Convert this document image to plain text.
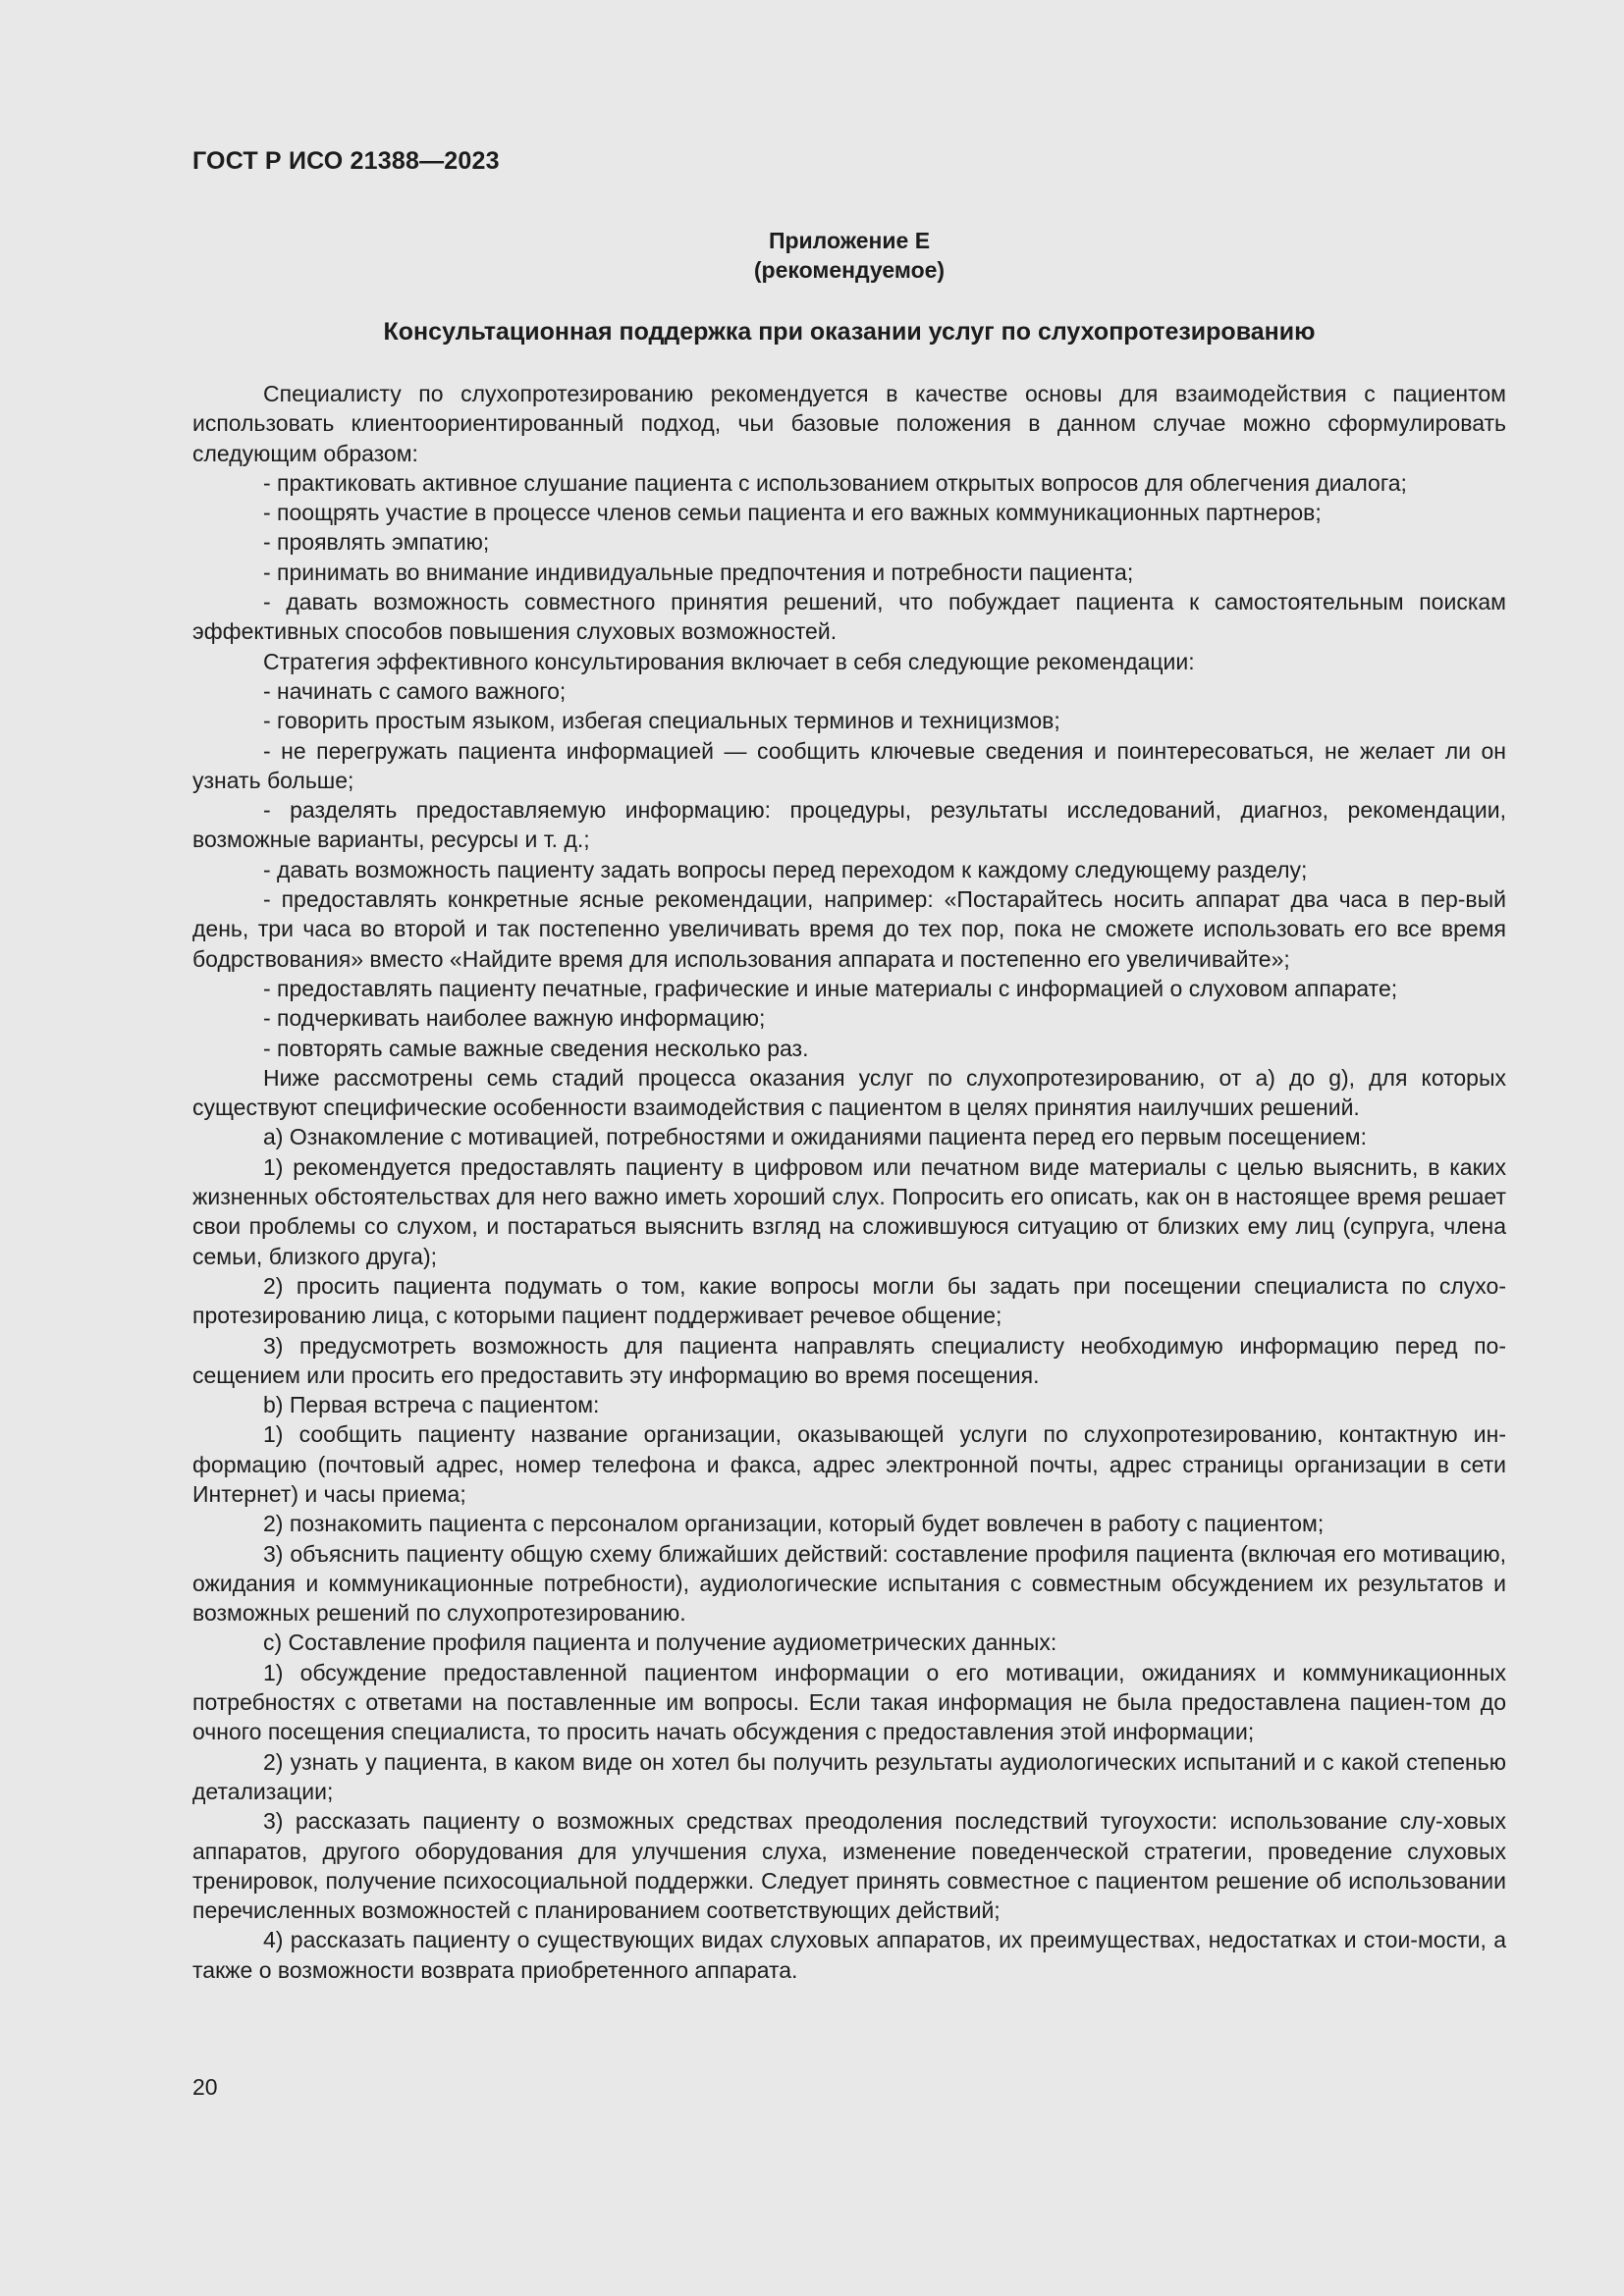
ГОСТ Р ИСО 21388—2023
Приложение Е
(рекомендуемое)
Консультационная поддержка при оказании услуг по слухопротезированию

Специалисту по слухопротезированию рекомендуется в качестве основы для взаимодействия с пациентом использовать клиентоориентированный подход, чьи базовые положения в данном случае можно сформулировать следующим образом:

- практиковать активное слушание пациента с использованием открытых вопросов для облегчения диалога;

- поощрять участие в процессе членов семьи пациента и его важных коммуникационных партнеров;

- проявлять эмпатию;

- принимать во внимание индивидуальные предпочтения и потребности пациента;

- давать возможность совместного принятия решений, что побуждает пациента к самостоятельным поискам эффективных способов повышения слуховых возможностей.

Стратегия эффективного консультирования включает в себя следующие рекомендации:

- начинать с самого важного;

- говорить простым языком, избегая специальных терминов и техницизмов;

- не перегружать пациента информацией — сообщить ключевые сведения и поинтересоваться, не желает ли он узнать больше;

- разделять предоставляемую информацию: процедуры, результаты исследований, диагноз, рекомендации, возможные варианты, ресурсы и т. д.;

- давать возможность пациенту задать вопросы перед переходом к каждому следующему разделу;

- предоставлять конкретные ясные рекомендации, например: «Постарайтесь носить аппарат два часа в пер-вый день, три часа во второй и так постепенно увеличивать время до тех пор, пока не сможете использовать его все время бодрствования» вместо «Найдите время для использования аппарата и постепенно его увеличивайте»;

- предоставлять пациенту печатные, графические и иные материалы с информацией о слуховом аппарате;

- подчеркивать наиболее важную информацию;

- повторять самые важные сведения несколько раз.

Ниже рассмотрены семь стадий процесса оказания услуг по слухопротезированию, от а) до g), для которых существуют специфические особенности взаимодействия с пациентом в целях принятия наилучших решений.

a) Ознакомление с мотивацией, потребностями и ожиданиями пациента перед его первым посещением:

1) рекомендуется предоставлять пациенту в цифровом или печатном виде материалы с целью выяснить, в каких жизненных обстоятельствах для него важно иметь хороший слух. Попросить его описать, как он в настоящее время решает свои проблемы со слухом, и постараться выяснить взгляд на сложившуюся ситуацию от близких ему лиц (супруга, члена семьи, близкого друга);

2) просить пациента подумать о том, какие вопросы могли бы задать при посещении специалиста по слухо-протезированию лица, с которыми пациент поддерживает речевое общение;

3) предусмотреть возможность для пациента направлять специалисту необходимую информацию перед по-сещением или просить его предоставить эту информацию во время посещения.

b) Первая встреча с пациентом:

1) сообщить пациенту название организации, оказывающей услуги по слухопротезированию, контактную ин-формацию (почтовый адрес, номер телефона и факса, адрес электронной почты, адрес страницы организации в сети Интернет) и часы приема;

2) познакомить пациента с персоналом организации, который будет вовлечен в работу с пациентом;

3) объяснить пациенту общую схему ближайших действий: составление профиля пациента (включая его мотивацию, ожидания и коммуникационные потребности), аудиологические испытания с совместным обсуждением их результатов и возможных решений по слухопротезированию.

c) Составление профиля пациента и получение аудиометрических данных:

1) обсуждение предоставленной пациентом информации о его мотивации, ожиданиях и коммуникационных потребностях с ответами на поставленные им вопросы. Если такая информация не была предоставлена пациен-том до очного посещения специалиста, то просить начать обсуждения с предоставления этой информации;

2) узнать у пациента, в каком виде он хотел бы получить результаты аудиологических испытаний и с какой степенью детализации;

3) рассказать пациенту о возможных средствах преодоления последствий тугоухости: использование слу-ховых аппаратов, другого оборудования для улучшения слуха, изменение поведенческой стратегии, проведение слуховых тренировок, получение психосоциальной поддержки. Следует принять совместное с пациентом решение об использовании перечисленных возможностей с планированием соответствующих действий;

4) рассказать пациенту о существующих видах слуховых аппаратов, их преимуществах, недостатках и стои-мости, а также о возможности возврата приобретенного аппарата.

20
